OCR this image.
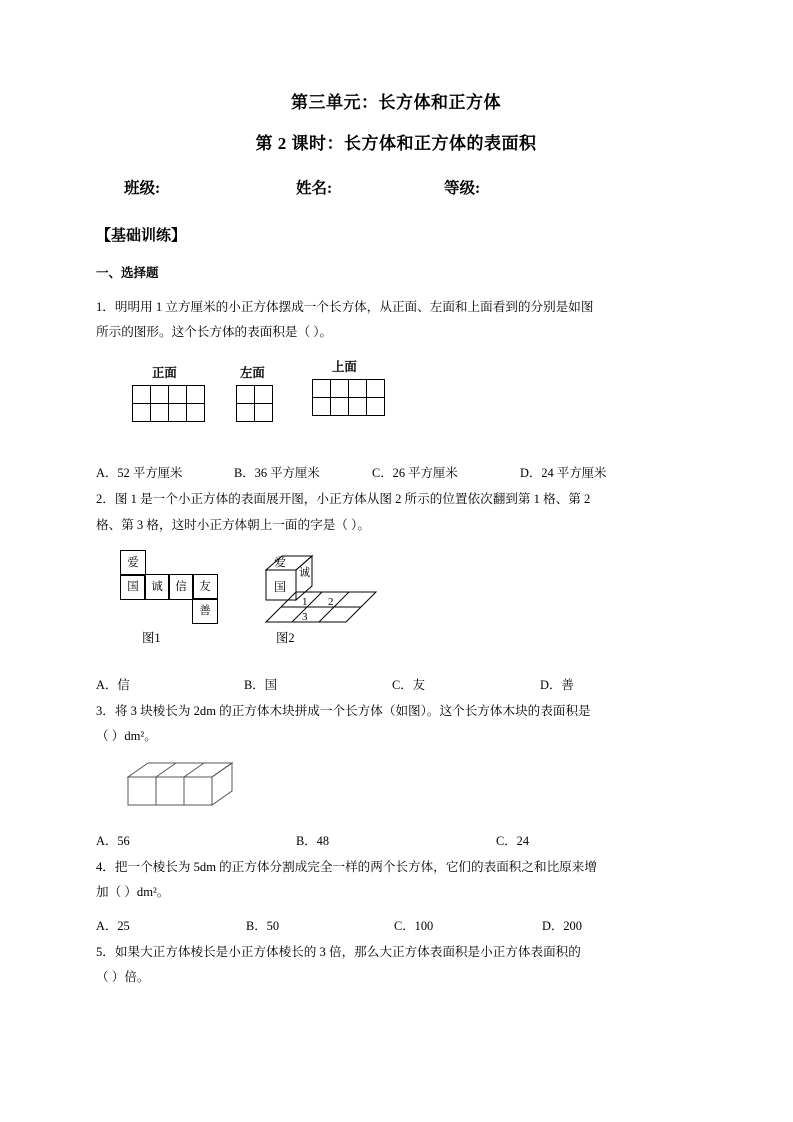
第三单元：长方体和正方体
第 2 课时：长方体和正方体的表面积
班级:	姓名:	等级:
【基础训练】
一、选择题
1．明明用 1 立方厘米的小正方体摆成一个长方体，从正面、左面和上面看到的分别是如图
所示的图形。这个长方体的表面积是（ ）。
正面	左面	上面
A．52 平方厘米	B．36 平方厘米	C．26 平方厘米	D．24 平方厘米
2．图 1 是一个小正方体的表面展开图，小正方体从图 2 所示的位置依次翻到第 1 格、第 2
格、第 3 格，这时小正方体朝上一面的字是（ ）。
爱
国	诚	信	友
善
图1
爱
国
诚
1 2
3
图2
A．信	B．国	C．友	D．善
3．将 3 块棱长为 2dm 的正方体木块拼成一个长方体（如图）。这个长方体木块的表面积是
（ ）dm²。
A．56	B．48	C．24
4．把一个棱长为 5dm 的正方体分割成完全一样的两个长方体，它们的表面积之和比原来增
加（ ）dm²。
A．25	B．50	C．100	D．200
5．如果大正方体棱长是小正方体棱长的 3 倍，那么大正方体表面积是小正方体表面积的
（ ）倍。
